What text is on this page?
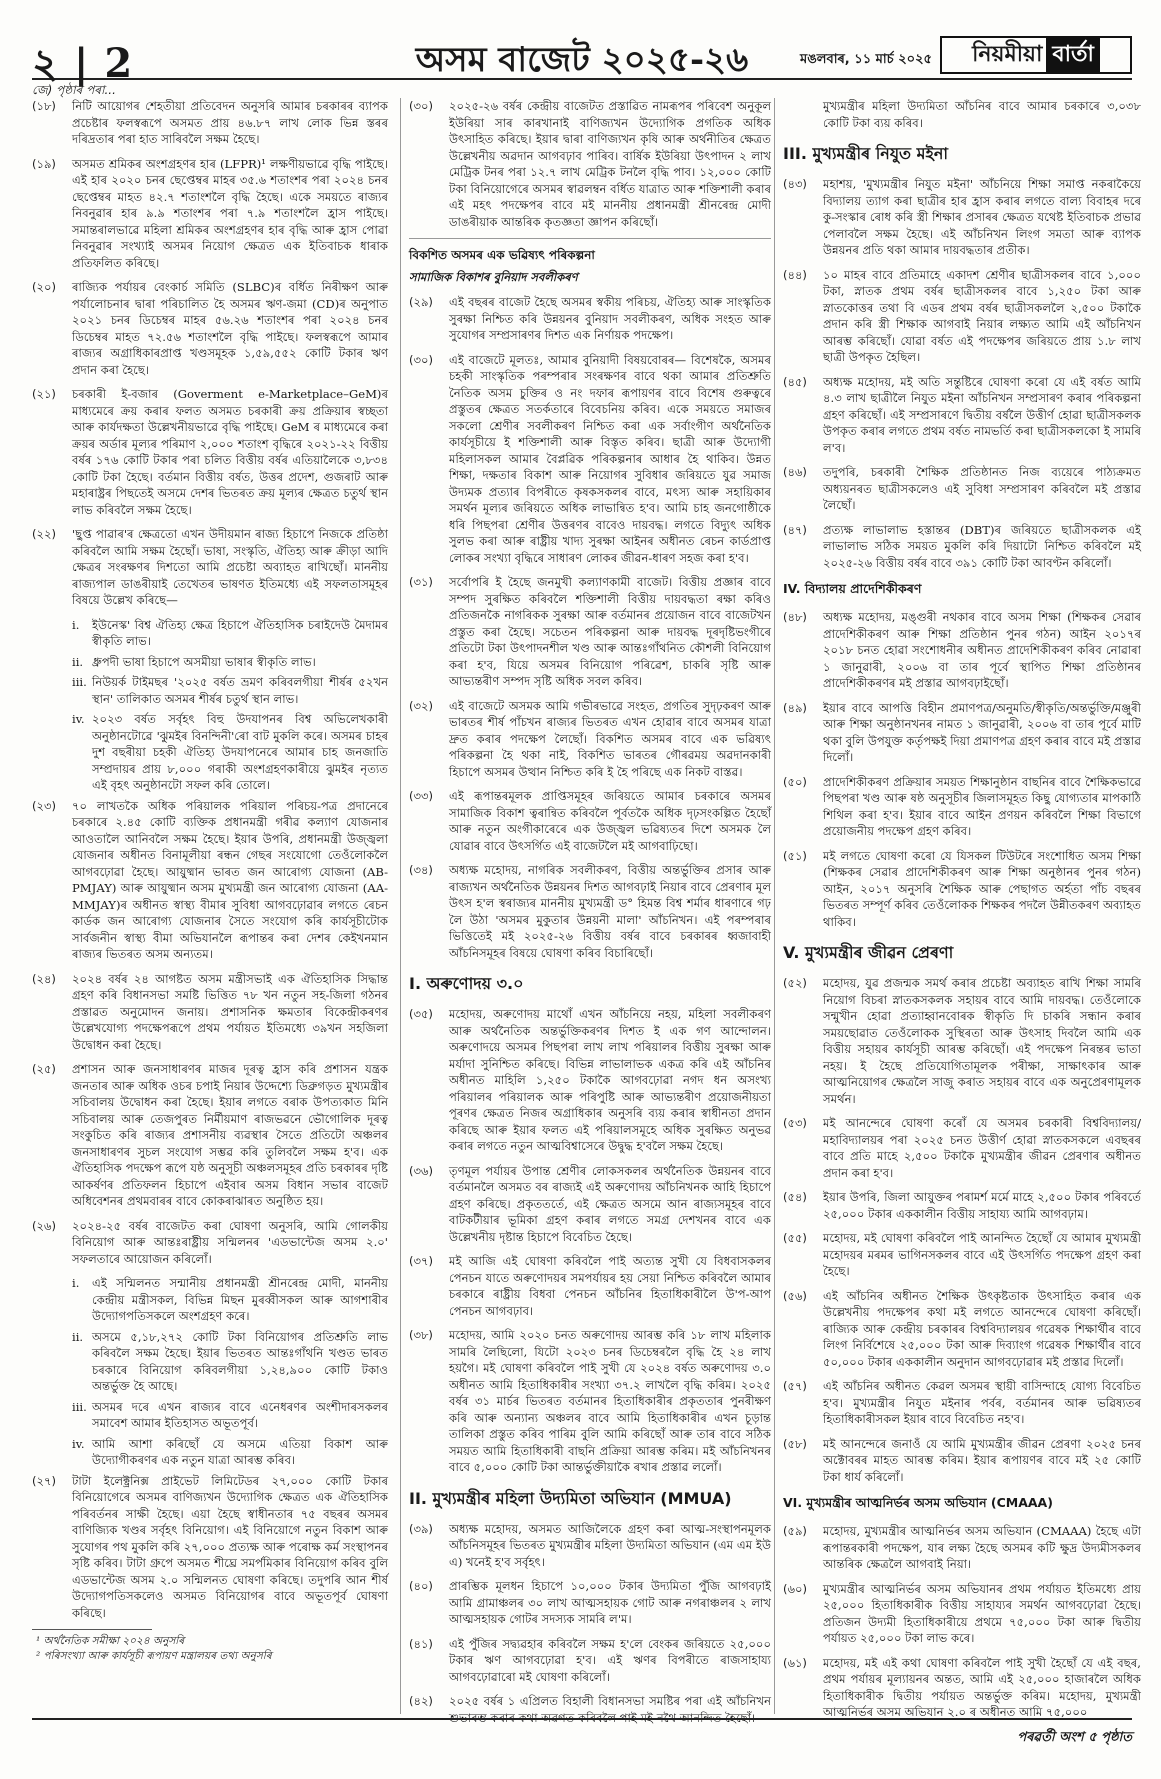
২ | 2	অসম বাজেট ২০২৫-২৬	মঙলবাৰ, ১১ মাৰ্চ ২০২৫ নিয়মীয়া বাৰ্তা
জে) পৃষ্ঠাৰ পৰা...
(১৮)	নিটি আয়োগৰ শেহতীয়া প্ৰতিবেদন অনুসৰি আমাৰ চৰকাৰৰ ব্যাপক প্ৰচেষ্টাৰ ফলস্বৰূপে অসমত প্ৰায় ৪৬.৮৭ লাখ লোক ভিন্ন স্তৰৰ দৰিদ্ৰতাৰ পৰা হাত সাৰিবলৈ সক্ষম হৈছে।
(১৯)	অসমত শ্ৰমিকৰ অংশগ্ৰহণৰ হাৰ (LFPR)¹ লক্ষণীয়ভাৱে বৃদ্ধি পাইছে। এই হাৰ ২০২০ চনৰ ছেপ্তেম্বৰ মাহৰ ৩৫.৬ শতাংশৰ পৰা ২০২৪ চনৰ ছেপ্তেম্বৰ মাহত ৪২.৭ শতাংশলৈ বৃদ্ধি হৈছে। একে সময়তে ৰাজ্যৰ নিবনুৱাৰ হাৰ ৯.৯ শতাংশৰ পৰা ৭.৯ শতাংশলৈ হ্ৰাস পাইছে। সমান্তৰালভাৱে মহিলা শ্ৰমিকৰ অংশগ্ৰহণৰ হাৰ বৃদ্ধি আৰু হ্ৰাস পোৱা নিবনুৱাৰ সংখ্যাই অসমৰ নিয়োগ ক্ষেত্ৰত এক ইতিবাচক ধাৰাক প্ৰতিফলিত কৰিছে।
(২০)	ৰাজ্যিক পৰ্যায়ৰ বেংকাৰ্চ সমিতি (SLBC)ৰ বৰ্ধিত নিৰীক্ষণ আৰু পৰ্যালোচনাৰ দ্বাৰা পৰিচালিত হৈ অসমৰ ঋণ-জমা (CD)ৰ অনুপাত ২০২১ চনৰ ডিচেম্বৰ মাহৰ ৫৬.২৬ শতাংশৰ পৰা ২০২৪ চনৰ ডিচেম্বৰ মাহত ৭২.৫৬ শতাংশলৈ বৃদ্ধি পাইছে। ফলস্বৰূপে আমাৰ ৰাজ্যৰ অগ্ৰাধিকাৰপ্ৰাপ্ত খণ্ডসমূহক ১,৫৯,৫৫২ কোটি টকাৰ ঋণ প্ৰদান কৰা হৈছে।
(২১)	চৰকাৰী ই-বজাৰ (Goverment e-Marketplace–GeM)ৰ মাধ্যমেৰে ক্ৰয় কৰাৰ ফলত অসমত চৰকাৰী ক্ৰয় প্ৰক্ৰিয়াৰ স্বচ্ছতা আৰু কাৰ্যদক্ষতা উল্লেখনীয়ভাৱে বৃদ্ধি পাইছে। GeM ৰ মাধ্যমেৰে কৰা ক্ৰয়ৰ অৰ্ডাৰ মূল্যৰ পৰিমাণ ২,০০০ শতাংশ বৃদ্ধিৰে ২০২১-২২ বিত্তীয় বৰ্ষৰ ১৭৬ কোটি টকাৰ পৰা চলিত বিত্তীয় বৰ্ষৰ এতিয়ালৈকে ৩,৮৩৪ কোটি টকা হৈছে। বৰ্তমান বিত্তীয় বৰ্ষত, উত্তৰ প্ৰদেশ, গুজৰাট আৰু মহাৰাষ্ট্ৰৰ পিছতেই অসমে দেশৰ ভিতৰত ক্ৰয় মূল্যৰ ক্ষেত্ৰত চতুৰ্থ স্থান লাভ কৰিবলৈ সক্ষম হৈছে।
(২২)	'ছুপ্ত পাৱাৰ'ৰ ক্ষেত্ৰতো এখন উদীয়মান ৰাজ্য হিচাপে নিজকে প্ৰতিষ্ঠা কৰিবলৈ আমি সক্ষম হৈছোঁ। ভাষা, সংস্কৃতি, ঐতিহ্য আৰু ক্ৰীড়া আদি ক্ষেত্ৰৰ সংৰক্ষণৰ দিশতো আমি প্ৰচেষ্টা অব্যাহত ৰাখিছোঁ। মাননীয় ৰাজ্যপাল ডাঙৰীয়াই তেখেতৰ ভাষণত ইতিমধ্যে এই সফলতাসমূহৰ বিষয়ে উল্লেখ কৰিছে—
i.	ইউনেস্ক' বিশ্ব ঐতিহ্য ক্ষেত্ৰ হিচাপে ঐতিহাসিক চৰাইদেউ মৈদামৰ স্বীকৃতি লাভ।
ii. ধ্ৰুপদী ভাষা হিচাপে অসমীয়া ভাষাৰ স্বীকৃতি লাভ।
iii. নিউয়ৰ্ক টাইমছৰ '২০২৫ বৰ্ষত ভ্ৰমণ কৰিবলগীয়া শীৰ্ষৰ ৫২খন স্থান' তালিকাত অসমৰ শীৰ্ষৰ চতুৰ্থ স্থান লাভ।
iv. ২০২৩ বৰ্ষত সৰ্বৃহৎ বিহু উদযাপনৰ বিশ্ব অভিলেখকাৰী অনুষ্ঠানটোৱে 'ঝুমইৰ বিনন্দিনী'ৰো বাট মুকলি কৰে। অসমৰ চাহৰ দুশ বছৰীয়া চহকী ঐতিহ্য উদযাপনেৰে আমাৰ চাহ জনজাতি সম্প্ৰদায়ৰ প্ৰায় ৮,০০০ গৰাকী অংশগ্ৰহণকাৰীয়ে ঝুমইৰ নৃত্যত এই বৃহৎ অনুষ্ঠানটো সফল কৰি তোলে।
(২৩)	৭০ লাখতকৈ অধিক পৰিয়ালক পৰিয়াল পৰিচয়-পত্ৰ প্ৰদানেৰে চৰকাৰে ২.৪৫ কোটি ব্যক্তিক প্ৰধানমন্ত্ৰী গৰীৱ কল্যাণ যোজনাৰ আওতালৈ আনিবলৈ সক্ষম হৈছে। ইয়াৰ উপৰি, প্ৰধানমন্ত্ৰী উজ্জ্বলা যোজনাৰ অধীনত বিনামূলীয়া ৰন্ধন গেছৰ সংযোগো তেওঁলোকলৈ আগবঢ়োৱা হৈছে। আয়ুষ্মান ভাৰত জন আৰোগ্য যোজনা (AB-PMJAY) আৰু আয়ুষ্মান অসম মুখ্যমন্ত্ৰী জন আৰোগ্য যোজনা (AA-MMJAY)ৰ অধীনত স্বাস্থ্য বীমাৰ সুবিধা আগবঢ়োৱাৰ লগতে ৰেচন কাৰ্ডক জন আৰোগ্য যোজনাৰ সৈতে সংযোগ কৰি কাৰ্যসূচীটোক সাৰ্বজনীন স্বাস্থ্য বীমা অভিযানলৈ ৰূপান্তৰ কৰা দেশৰ কেইখনমান ৰাজ্যৰ ভিতৰত অসম অন্যতম।
(২৪)	২০২৪ বৰ্ষৰ ২৪ আগষ্টত অসম মন্ত্ৰীসভাই এক ঐতিহাসিক সিদ্ধান্ত গ্ৰহণ কৰি বিধানসভা সমষ্টি ভিত্তিত ৭৮ খন নতুন সহ-জিলা গঠনৰ প্ৰস্তাৱত অনুমোদন জনায়। প্ৰশাসনিক ক্ষমতাৰ বিকেন্দ্ৰীকৰণৰ উল্লেখযোগ্য পদক্ষেপৰূপে প্ৰথম পৰ্যায়ত ইতিমধ্যে ৩৯খন সহজিলা উদ্বোধন কৰা হৈছে।
(২৫)	প্ৰশাসন আৰু জনসাধাৰণৰ মাজৰ দূৰত্ব হ্ৰাস কৰি প্ৰশাসন যন্ত্ৰক জনতাৰ আৰু অধিক ওচৰ চপাই নিয়াৰ উদ্দেশ্যে ডিব্ৰুগড়ত মুখ্যমন্ত্ৰীৰ সচিবালয় উদ্বোধন কৰা হৈছে। ইয়াৰ লগতে বৰাক উপত্যকাত মিনি সচিবালয় আৰু তেজপুৰত নিৰ্মীয়মাণ ৰাজভৱনে ভৌগোলিক দূৰত্ব সংকুচিত কৰি ৰাজ্যৰ প্ৰশাসনীয় ব্যৱস্থাৰ সৈতে প্ৰতিটো অঞ্চলৰ জনসাধাৰণৰ সুচল সংযোগ সম্ভৱ কৰি তুলিবলৈ সক্ষম হ'ব। এক ঐতিহাসিক পদক্ষেপ ৰূপে যষ্ঠ অনুসূচী অঞ্চলসমূহৰ প্ৰতি চৰকাৰৰ দৃষ্টি আকৰ্ষণৰ প্ৰতিফলন হিচাপে এইবাৰ অসম বিধান সভাৰ বাজেট অধিবেশনৰ প্ৰথমবাৰৰ বাবে কোকৰাঝাৰত অনুষ্ঠিত হয়।
(২৬)	২০২৪-২৫ বৰ্ষৰ বাজেটত কৰা ঘোষণা অনুসৰি, আমি গোলকীয় বিনিয়োগ আৰু আন্তঃৰাষ্ট্ৰীয় সন্মিলনৰ 'এডভান্টেজ অসম ২.০' সফলতাৰে আয়োজন কৰিলোঁ।
i.	এই সন্মিলনত সন্মানীয় প্ৰধানমন্ত্ৰী শ্ৰীনৰেন্দ্ৰ মোদী, মাননীয় কেন্দ্ৰীয় মন্ত্ৰীসকল, বিভিন্ন মিছন মুৰব্বীসকল আৰু আগশাৰীৰ উদ্যোগপতিসকলে অংশগ্ৰহণ কৰে।
ii. অসমে ৫,১৮,২৭২ কোটি টকা বিনিয়োগৰ প্ৰতিশ্ৰুতি লাভ কৰিবলৈ সক্ষম হৈছে। ইয়াৰ ভিতৰত আন্তঃগাঁথনি খণ্ডত ভাৰত চৰকাৰে বিনিয়োগ কৰিবলগীয়া ১,২৪,৯০০ কোটি টকাও অন্তৰ্ভুক্ত হৈ আছে।
iii. অসমৰ দৰে এখন ৰাজ্যৰ বাবে এনেধৰণৰ অংশীদাৰসকলৰ সমাবেশ আমাৰ ইতিহাসত অভূতপূৰ্ব।
iv. আমি আশা কৰিছোঁ যে অসমে এতিয়া বিকাশ আৰু উদ্যোগীকৰণৰ এক নতুন যাত্ৰা আৰম্ভ কৰিব।
(২৭)	টাটা ইলেক্ট্ৰনিক্স প্ৰাইভেট লিমিটেডৰ ২৭,০০০ কোটি টকাৰ বিনিয়োগেৰে অসমৰ বাণিজ্যখন উদ্যোগিক ক্ষেত্ৰত এক ঐতিহাসিক পৰিবৰ্তনৰ সাক্ষী হৈছে। এয়া হৈছে স্বাধীনতাৰ ৭৫ বছৰৰ অসমৰ বাণিজ্যিক খণ্ডৰ সৰ্বৃহৎ বিনিয়োগ। এই বিনিয়োগে নতুন বিকাশ আৰু সুযোগৰ পথ মুকলি কৰি ২৭,০০০ প্ৰত্যক্ষ আৰু পৰোক্ষ কৰ্ম সংস্থাপনৰ সৃষ্টি কৰিব। টাটা গ্ৰুপে অসমত শীঘ্ৰে সমৰ্পমিকাৰ বিনিয়োগ কৰিব বুলি এডভান্টেজ অসম ২.০ সন্মিলনত ঘোষণা কৰিছে। তদুপৰি আন শীৰ্ষ উদ্যোগপতিসকলেও অসমত বিনিয়োগৰ বাবে অভূতপূৰ্ব ঘোষণা কৰিছে।
¹ অৰ্থনৈতিক সমীক্ষা ২০২৪ অনুসৰি
² পৰিসংখ্যা আৰু কাৰ্যসূচী ৰূপায়ণ মন্ত্ৰালয়ৰ তথ্য অনুসৰি
(৩০)	২০২৫-২৬ বৰ্ষৰ কেন্দ্ৰীয় বাজেটত প্ৰস্তাৱিত নামৰূপৰ পৰিবেশ অনুকূল ইউৰিয়া সাৰ কাৰখানাই বাণিজ্যখন উদ্যোগিক প্ৰগতিক অধিক উৎসাহিত কৰিছে। ইয়াৰ দ্বাৰা বাণিজ্যখন কৃষি আৰু অৰ্থনীতিৰ ক্ষেত্ৰত উল্লেখনীয় অৱদান আগবঢ়াব পাৰিব। বাৰ্ষিক ইউৰিয়া উৎপাদন ২ লাখ মেট্ৰিক টনৰ পৰা ১২.৭ লাখ মেট্ৰিক টনলৈ বৃদ্ধি পাব। ১২,০০০ কোটি টকা বিনিয়োগেৰে অসমৰ স্বাৱলম্বন বৰ্ধিত যাত্ৰাত আৰু শক্তিশালী কৰাৰ এই মহৎ পদক্ষেপৰ বাবে মই মাননীয় প্ৰধানমন্ত্ৰী শ্ৰীনৰেন্দ্ৰ মোদী ডাঙৰীয়াক আন্তৰিক কৃতজ্ঞতা জ্ঞাপন কৰিছোঁ।
বিকশিত অসমৰ এক ভৱিষ্যৎ পৰিকল্পনা
সামাজিক বিকাশৰ বুনিয়াদ সবলীকৰণ
(২৯)	এই বছৰৰ বাজেট হৈছে অসমৰ স্বকীয় পৰিচয়, ঐতিহ্য আৰু সাংস্কৃতিক সুৰক্ষা নিশ্চিত কৰি উন্নয়নৰ বুনিয়াদ সবলীকৰণ, অধিক সংহত আৰু সুযোগৰ সম্প্ৰসাৰণৰ দিশত এক নিৰ্ণায়ক পদক্ষেপ।
(৩০)	এই বাজেটে মূলতঃ, আমাৰ বুনিয়াদী বিষয়বোৰৰ— বিশেষকৈ, অসমৰ চহকী সাংস্কৃতিক পৰম্পৰাৰ সংৰক্ষণৰ বাবে থকা আমাৰ প্ৰতিশ্ৰুতি নৈতিক অসম চুক্তিৰ ও নং দফাৰ ৰূপায়ণৰ বাবে বিশেষ গুৰুত্বৰে প্ৰস্তুতৰ ক্ষেত্ৰত সতৰ্কতাৰে বিবেচনিয় কৰিব। একে সময়তে সমাজৰ সকলো শ্ৰেণীৰ সবলীকৰণ নিশ্চিত কৰা এক সৰ্বাংগীণ অৰ্থনৈতিক কাৰ্যসূচীয়ে ই শক্তিশালী আৰু বিস্তৃত কৰিব। ছাত্ৰী আৰু উদ্যোগী মহিলাসকল আমাৰ বৈপ্লৱিক পৰিকল্পনাৰ আধাৰ হৈ থাকিব। উন্নত শিক্ষা, দক্ষতাৰ বিকাশ আৰু নিয়োগৰ সুবিধাৰ জৰিয়তে যুৱ সমাজ উদ্যমক প্ৰত্যাৰ বিপৰীতে কৃষকসকলৰ বাবে, মৎস্য আৰু সহায়িকাৰ সমৰ্থন মূল্যৰ জৰিয়তে অধিক লাভান্বিত হ'ব। আমি চাহ জনগোষ্ঠীকে ধৰি পিছপৰা শ্ৰেণীৰ উত্তৰণৰ বাবেও দায়বদ্ধ। লগতে বিদ্যুৎ অধিক সুলভ কৰা আৰু ৰাষ্ট্ৰীয় খাদ্য সুৰক্ষা আইনৰ অধীনত ৰেচন কাৰ্ডপ্ৰাপ্ত লোকৰ সংখ্যা বৃদ্ধিৰে সাধাৰণ লোকৰ জীৱন-ধাৰণ সহজ কৰা হ'ব।
(৩১)	সৰ্বোপৰি ই হৈছে জনমুখী কল্যাণকামী বাজেট। বিত্তীয় প্ৰজ্ঞাৰ বাবে সম্পদ সুৰক্ষিত কৰিবলৈ শক্তিশালী বিত্তীয় দায়বদ্ধতা ৰক্ষা কৰিও প্ৰতিজনকৈ নাগৰিকক সুৰক্ষা আৰু বৰ্তমানৰ প্ৰয়োজন বাবে বাজেটখন প্ৰস্তুত কৰা হৈছে। সচেতন পৰিকল্পনা আৰু দায়বদ্ধ দূৰদৃষ্টিভংগীৰে প্ৰতিটো টকা উৎপাদনশীল খণ্ড আৰু আন্তঃগাঁথনিত কৌশলী বিনিয়োগ কৰা হ'ব, যিয়ে অসমৰ বিনিয়োগ পৰিৱেশ, চাকৰি সৃষ্টি আৰু আভ্যন্তৰীণ সম্পদ সৃষ্টি অধিক সবল কৰিব।
(৩২)	এই বাজেটে অসমক আমি গভীৰভাৱে সংহত, প্ৰগতিৰ সুদৃঢ়কৰণ আৰু ভাৰতৰ শীৰ্ষ পাঁচখন ৰাজ্যৰ ভিতৰত এখন হোৱাৰ বাবে অসমৰ যাত্ৰা দ্ৰুত কৰাৰ পদক্ষেপ লৈছোঁ। বিকশিত অসমৰ বাবে এক ভৱিষ্যৎ পৰিকল্পনা হৈ থকা নাই, বিকশিত ভাৰতৰ গৌৰৱময় অৱদানকাৰী হিচাপে অসমৰ উত্থান নিশ্চিত কৰি ই হৈ পৰিছে এক নিকট বাস্তৱ।
(৩৩)	এই ৰূপান্তৰমূলক প্ৰাপ্তিসমূহৰ জৰিয়তে আমাৰ চৰকাৰে অসমৰ সামাজিক বিকাশ ত্বৰান্বিত কৰিবলৈ পূৰ্বতকৈ অধিক দৃঢ়সংকল্পিত হৈছোঁ আৰু নতুন অংগীকাৰেৰে এক উজ্জ্বল ভৱিষ্যতৰ দিশে অসমক লৈ যোৱাৰ বাবে উৎসৰ্গিত এই বাজেটলৈ মই আগবাঢ়িছো।
(৩৪)	অধ্যক্ষ মহোদয়, নাগৰিক সবলীকৰণ, বিত্তীয় অন্তৰ্ভুক্তিৰ প্ৰসাৰ আৰু ৰাজ্যখন অৰ্থনৈতিক উন্নয়নৰ দিশত আগবঢ়াই নিয়াৰ বাবে প্ৰেৰণাৰ মূল উৎস হ'ল স্বৰাজ্যৰ মাননীয় মুখ্যমন্ত্ৰী ড° হিমন্ত বিশ্ব শৰ্মাৰ ধাৰণাৰে গঢ় লৈ উঠা 'অসমৰ মুকুতাৰ উন্নয়নী মালা' আঁচনিখন। এই পৰম্পৰাৰ ভিত্তিতেই মই ২০২৫-২৬ বিত্তীয় বৰ্ষৰ বাবে চৰকাৰৰ ধ্বজাবাহী আঁচনিসমূহৰ বিষয়ে ঘোষণা কৰিব বিচাৰিছোঁ।
I. অৰুণোদয় ৩.০
(৩৫)	মহোদয়, অৰুণোদয় মাথোঁ এখন আঁচনিয়ে নহয়, মহিলা সবলীকৰণ আৰু অৰ্থনৈতিক অন্তৰ্ভুক্তিকৰণৰ দিশত ই এক গণ আন্দোলন। অৰুণোদয়ে অসমৰ পিছপৰা লাখ লাখ পৰিয়ালৰ বিত্তীয় সুৰক্ষা আৰু মৰ্যাদা সুনিশ্চিত কৰিছে। বিভিন্ন লাভালাভক একত্ৰ কৰি এই আঁচনিৰ অধীনত মাহিলি ১,২৫০ টকাকৈ আগবঢ়োৱা নগদ ধন অসংখ্য পৰিয়ালৰ পৰিয়ালক আৰু পৰিপুষ্টি আৰু আভ্যন্তৰীণ প্ৰয়োজনীয়তা পূৰণৰ ক্ষেত্ৰত নিজৰ অগ্ৰাধিকাৰ অনুসৰি ব্যয় কৰাৰ স্বাধীনতা প্ৰদান কৰিছে আৰু ইয়াৰ ফলত এই পৰিয়ালসমূহে অধিক সুৰক্ষিত অনুভৱ কৰাৰ লগতে নতুন আত্মবিশ্বাসেৰে উদ্বুদ্ধ হ'বলৈ সক্ষম হৈছে।
(৩৬)	তৃণমূল পৰ্যায়ৰ উপান্ত শ্ৰেণীৰ লোকসকলৰ অৰ্থনৈতিক উন্নয়নৰ বাবে বৰ্তমানলৈ অসমত বৰ ৰাজ্যই এই অৰুণোদয় আঁচনিখনক আহি হিচাপে গ্ৰহণ কৰিছে। প্ৰকৃততৰ্তে, এই ক্ষেত্ৰত অসমে আন ৰাজ্যসমূহৰ বাবে বাটকটীয়াৰ ভূমিকা গ্ৰহণ কৰাৰ লগতে সমগ্ৰ দেশখনৰ বাবে এক উল্লেখনীয় দৃষ্টান্ত হিচাপে বিবেচিত হৈছে।
(৩৭)	মই আজি এই ঘোষণা কৰিবলৈ পাই অত্যন্ত সুখী যে বিধবাসকলৰ পেনচন যাতে অৰুণোদয়ৰ সমপৰ্যায়ৰ হয় সেয়া নিশ্চিত কৰিবলৈ আমাৰ চৰকাৰে ৰাষ্ট্ৰীয় বিধবা পেনচন আঁচনিৰ হিতাধিকাৰীলৈ উ'প-আপ পেনচন আগবঢ়াব।
(৩৮)	মহোদয়, আমি ২০২০ চনত অৰুণোদয় আৰম্ভ কৰি ১৮ লাখ মহিলাক সামৰি লৈছিলো, যিটো ২০২৩ চনৰ ডিচেম্বৰলৈ বৃদ্ধি হৈ ২৪ লাখ হয়গৈ। মই ঘোষণা কৰিবলৈ পাই সুখী যে ২০২৪ বৰ্ষত অৰুণোদয় ৩.০ অধীনত আমি হিতাধিকাৰীৰ সংখ্যা ৩৭.২ লাখলৈ বৃদ্ধি কৰিম। ২০২৫ বৰ্ষৰ ৩১ মাৰ্চৰ ভিতৰত বৰ্তমানৰ হিতাধিকাৰীৰ প্ৰকৃততাৰ পুনৰীক্ষণ কৰি আৰু অন্যান্য অঞ্চলৰ বাবে আমি হিতাধিকাৰীৰ এখন চূড়ান্ত তালিকা প্ৰস্তুত কৰিব পাৰিম বুলি আমি কৰিছোঁ আৰু তাৰ বাবে সঠিক সময়ত আমি হিতাধিকাৰী বাছনি প্ৰক্ৰিয়া আৰম্ভ কৰিম। মই আঁচনিখনৰ বাবে ৫,০০০ কোটি টকা আন্তৰ্ভুক্তীয়াকৈ ৰখাৰ প্ৰস্তাৱ ললোঁ।
II. মুখ্যমন্ত্ৰীৰ মহিলা উদ্যমিতা অভিযান (MMUA)
(৩৯)	অধ্যক্ষ মহোদয়, অসমত আজিলৈকে গ্ৰহণ কৰা আত্ম-সংস্থাপনমূলক আঁচনিসমূহৰ ভিতৰত মুখ্যমন্ত্ৰীৰ মহিলা উদ্যমিতা অভিযান (এম এম ইউ এ) খনেই হ'ব সৰ্বৃহৎ।
(৪০)	প্ৰাৰম্ভিক মূলধন হিচাপে ১০,০০০ টকাৰ উদ্যমিতা পুঁজি আগবঢ়াই আমি গ্ৰামাঞ্চলৰ ৩০ লাখ আত্মসহায়ক গোট আৰু নগৰাঞ্চলৰ ২ লাখ আত্মসহায়ক গোটৰ সদস্যক সামৰি ল'ম।
(৪১)	এই পুঁজিৰ সদ্ব্যৱহাৰ কৰিবলৈ সক্ষম হ'লে বেংকৰ জৰিয়তে ২৫,০০০ টকাৰ ঋণ আগবঢ়োৱা হ'ব। এই ঋণৰ বিপৰীতে ৰাজসাহায্য আগবঢ়োৱাৰো মই ঘোষণা কৰিলোঁ।
(৪২)	২০২৫ বৰ্ষৰ ১ এপ্ৰিলত বিহালী বিধানসভা সমষ্টিৰ পৰা এই আঁচনিখন শুভাৰম্ভ কৰাৰ কথা অৱগত কৰিবলৈ পাই মই নথৈ আনন্দিত হৈছোঁ।
মুখ্যমন্ত্ৰীৰ মহিলা উদ্যমিতা আঁচনিৰ বাবে আমাৰ চৰকাৰে ৩,০৩৮ কোটি টকা ব্যয় কৰিব।
III. মুখ্যমন্ত্ৰীৰ নিযুত মইনা
(৪৩)	মহাশয়, 'মুখ্যমন্ত্ৰীৰ নিযুত মইনা' আঁচনিয়ে শিক্ষা সমাপ্ত নকৰাকৈয়ে বিদ্যালয় ত্যাগ কৰা ছাত্ৰীৰ হাৰ হ্ৰাস কৰাৰ লগতে বাল্য বিবাহৰ দৰে কু-সংস্কাৰ ৰোধ কৰি স্ত্ৰী শিক্ষাৰ প্ৰসাৰৰ ক্ষেত্ৰত যথেষ্ট ইতিবাচক প্ৰভাৱ পেলাবলৈ সক্ষম হৈছে। এই আঁচনিখন লিংগ সমতা আৰু ব্যাপক উন্নয়নৰ প্ৰতি থকা আমাৰ দায়বদ্ধতাৰ প্ৰতীক।
(৪৪)	১০ মাহৰ বাবে প্ৰতিমাহে একাদশ শ্ৰেণীৰ ছাত্ৰীসকলৰ বাবে ১,০০০ টকা, স্নাতক প্ৰথম বৰ্ষৰ ছাত্ৰীসকলৰ বাবে ১,২৫০ টকা আৰু স্নাতকোত্তৰ তথা বি এডৰ প্ৰথম বৰ্ষৰ ছাত্ৰীসকললৈ ২,৫০০ টকাকৈ প্ৰদান কৰি স্ত্ৰী শিক্ষাক আগবাই নিয়াৰ লক্ষ্যত আমি এই আঁচনিখন আৰম্ভ কৰিছোঁ। যোৱা বৰ্ষত এই পদক্ষেপৰ জৰিয়তে প্ৰায় ১.৮ লাখ ছাত্ৰী উপকৃত হৈছিল।
(৪৫)	অধ্যক্ষ মহোদয়, মই অতি সন্তুষ্টিৰে ঘোষণা কৰো যে এই বৰ্ষত আমি ৪.৩ লাখ ছাত্ৰীলৈ নিযুত মইনা আঁচনিখন সম্প্ৰসাৰণ কৰাৰ পৰিকল্পনা গ্ৰহণ কৰিছোঁ। এই সম্প্ৰসাৰণে দ্বিতীয় বৰ্ষলৈ উত্তীৰ্ণ হোৱা ছাত্ৰীসকলক উপকৃত কৰাৰ লগতে প্ৰথম বৰ্ষত নামভৰ্তি কৰা ছাত্ৰীসকলকো ই সামৰি ল'ব।
(৪৬)	তদুপৰি, চৰকাৰী শৈক্ষিক প্ৰতিষ্ঠানত নিজ ব্যয়েৰে পাঠ্যক্ৰমত অধ্যয়নৰত ছাত্ৰীসকলেও এই সুবিধা সম্প্ৰসাৰণ কৰিবলৈ মই প্ৰস্তাৱ লৈছোঁ।
(৪৭)	প্ৰত্যক্ষ লাভালাভ হস্তান্তৰ (DBT)ৰ জৰিয়তে ছাত্ৰীসকলক এই লাভালাভ সঠিক সময়ত মুকলি কৰি দিয়াটো নিশ্চিত কৰিবলৈ মই ২০২৫-২৬ বিত্তীয় বৰ্ষৰ বাবে ৩৯১ কোটি টকা আবণ্টন কৰিলোঁ।
IV. বিদ্যালয় প্ৰাদেশিকীকৰণ
(৪৮)	অধ্যক্ষ মহোদয়, মঙ্গুৰী নথকাৰ বাবে অসম শিক্ষা (শিক্ষকৰ সেৱাৰ প্ৰাদেশিকীকৰণ আৰু শিক্ষা প্ৰতিষ্ঠান পুনৰ গঠন) আইন ২০১৭ৰ ২০১৮ চনত হোৱা সংশোধনীৰ অধীনত প্ৰাদেশিকীকৰণ কৰিব নোৱাৰা ১ জানুৱাৰী, ২০০৬ বা তাৰ পূৰ্বে স্থাপিত শিক্ষা প্ৰতিষ্ঠানৰ প্ৰাদেশিকীকৰণৰ মই প্ৰস্তাৱ আগবঢ়াইছোঁ।
(৪৯)	ইয়াৰ বাবে আপত্তি বিহীন প্ৰমাণপত্ৰ/অনুমতি/স্বীকৃতি/অন্তৰ্ভুক্তি/মঞ্জুৰী আৰু শিক্ষা অনুষ্ঠানখনৰ নামত ১ জানুৱাৰী, ২০০৬ বা তাৰ পূৰ্বে মাটি থকা বুলি উপযুক্ত কৰ্তৃপক্ষই দিয়া প্ৰমাণপত্ৰ গ্ৰহণ কৰাৰ বাবে মই প্ৰস্তাৱ দিলোঁ।
(৫০)	প্ৰাদেশিকীকৰণ প্ৰক্ৰিয়াৰ সময়ত শিক্ষানুষ্ঠান বাছনিৰ বাবে শৈক্ষিকভাৱে পিছপৰা খণ্ড আৰু ষষ্ঠ অনুসূচীৰ জিলাসমূহত কিছু যোগ্যতাৰ মাপকাঠি শিথিল কৰা হ'ব। ইয়াৰ বাবে আইন প্ৰণয়ন কৰিবলৈ শিক্ষা বিভাগে প্ৰয়োজনীয় পদক্ষেপ গ্ৰহণ কৰিব।
(৫১)	মই লগতে ঘোষণা কৰো যে যিসকল টিউটৰে সংশোধিত অসম শিক্ষা (শিক্ষকৰ সেৱাৰ প্ৰাদেশিকীকৰণ আৰু শিক্ষা অনুষ্ঠানৰ পুনৰ গঠন) আইন, ২০১৭ অনুসৰি শৈক্ষিক আৰু পেছাগত অৰ্হতা পাঁচ বছৰৰ ভিতৰত সম্পূৰ্ণ কৰিব তেওঁলোকক শিক্ষকৰ পদলৈ উন্নীতকৰণ অব্যাহত থাকিব।
V. মুখ্যমন্ত্ৰীৰ জীৱন প্ৰেৰণা
(৫২)	মহোদয়, যুৱ প্ৰজন্মক সমৰ্থ কৰাৰ প্ৰচেষ্টা অব্যাহত ৰাখি শিক্ষা সামৰি নিয়োগ বিচৰা স্নাতকসকলক সহায়ৰ বাবে আমি দায়বদ্ধ। তেওঁলোকে সন্মুখীন হোৱা প্ৰত্যাহ্বানবোৰক স্বীকৃতি দি চাকৰি সন্ধান কৰাৰ সময়ছোৱাত তেওঁলোকক সুস্থিৰতা আৰু উৎসাহ দিবলৈ আমি এক বিত্তীয় সহায়ৰ কাৰ্যসূচী আৰম্ভ কৰিছোঁ। এই পদক্ষেপ নিৰন্তৰ ভাতা নহয়। ই হৈছে প্ৰতিযোগিতামূলক পৰীক্ষা, সাক্ষাৎকাৰ আৰু আত্মনিয়োগৰ ক্ষেত্ৰলৈ সাজু কৰাত সহায়ৰ বাবে এক অনুপ্ৰেৰণামূলক সমৰ্থন।
(৫৩)	মই আনন্দেৰে ঘোষণা কৰোঁ যে অসমৰ চৰকাৰী বিশ্ববিদ্যালয়/মহাবিদ্যালয়ৰ পৰা ২০২৫ চনত উত্তীৰ্ণ হোৱা স্নাতকসকলে এবছৰৰ বাবে প্ৰতি মাহে ২,৫০০ টকাকৈ মুখ্যমন্ত্ৰীৰ জীৱন প্ৰেৰণাৰ অধীনত প্ৰদান কৰা হ'ব।
(৫৪)	ইয়াৰ উপৰি, জিলা আয়ুক্তৰ পৰামৰ্শ মৰ্মে মাহে ২,৫০০ টকাৰ পৰিবৰ্তে ২৫,০০০ টকাৰ এককালীন বিত্তীয় সাহায্য আমি আগবঢ়াম।
(৫৫)	মহোদয়, মই ঘোষণা কৰিবলৈ পাই আনন্দিত হৈছোঁ যে আমাৰ মুখ্যমন্ত্ৰী মহোদয়ৰ মৰমৰ ভাগিনসকলৰ বাবে এই উৎসৰ্গিত পদক্ষেপ গ্ৰহণ কৰা হৈছে।
(৫৬)	এই আঁচনিৰ অধীনত শৈক্ষিক উৎকৃষ্টতাক উৎসাহিত কৰাৰ এক উল্লেখনীয় পদক্ষেপৰ কথা মই লগতে আনন্দেৰে ঘোষণা কৰিছোঁ। ৰাজ্যিক আৰু কেন্দ্ৰীয় চৰকাৰৰ বিশ্ববিদ্যালয়ৰ গৱেষক শিক্ষাৰ্থীৰ বাবে লিংগ নিৰ্বিশেষে ২৫,০০০ টকা আৰু দিব্যাংগ গৱেষক শিক্ষাৰ্থীৰ বাবে ৫০,০০০ টকাৰ এককালীন অনুদান আগবঢ়োৱাৰ মই প্ৰস্তাৱ দিলোঁ।
(৫৭)	এই আঁচনিৰ অধীনত কেৱল অসমৰ স্থায়ী বাসিন্দাহে যোগ্য বিবেচিত হ'ব। মুখ্যমন্ত্ৰীৰ নিযুত মইনাৰ পৰ্বৰ, বৰ্তমানৰ আৰু ভৱিষ্যতৰ হিতাধিকাৰীসকল ইয়াৰ বাবে বিবেচিত নহ'ব।
(৫৮)	মই আনন্দেৰে জনাওঁ যে আমি মুখ্যমন্ত্ৰীৰ জীৱন প্ৰেৰণা ২০২৫ চনৰ অক্টোবৰৰ মাহত আৰম্ভ কৰিম। ইয়াৰ ৰূপায়ণৰ বাবে মই ২৫ কোটি টকা ধাৰ্য কৰিলোঁ।
VI. মুখ্যমন্ত্ৰীৰ আত্মনিৰ্ভৰ অসম অভিযান (CMAAA)
(৫৯)	মহোদয়, মুখ্যমন্ত্ৰীৰ আত্মনিৰ্ভৰ অসম অভিযান (CMAAA) হৈছে এটা ৰূপান্তৰকাৰী পদক্ষেপ, যাৰ লক্ষ্য হৈছে অসমৰ কটি ক্ষুদ্ৰ উদ্যমীসকলৰ আন্তৰিক ক্ষেত্ৰলৈ আগবাই নিয়া।
(৬০)	মুখ্যমন্ত্ৰীৰ আত্মনিৰ্ভৰ অসম অভিযানৰ প্ৰথম পৰ্যায়ত ইতিমধ্যে প্ৰায় ২৫,০০০ হিতাধিকাৰীক বিত্তীয় সাহায্যৰ সমৰ্থন আগবঢ়োৱা হৈছে। প্ৰতিজন উদ্যমী হিতাধিকাৰীয়ে প্ৰথমে ৭৫,০০০ টকা আৰু দ্বিতীয় পৰ্যায়ত ২৫,০০০ টকা লাভ কৰে।
(৬১)	মহোদয়, মই এই কথা ঘোষণা কৰিবলৈ পাই সুখী হৈছোঁ যে এই বছৰ, প্ৰথম পৰ্যায়ৰ মূল্যায়নৰ অন্তত, আমি এই ২৫,০০০ হাজাৰলৈ অধিক হিতাধিকাৰীক দ্বিতীয় পৰ্যায়ত অন্তৰ্ভুক্ত কৰিম। মহোদয়, মুখ্যমন্ত্ৰী আত্মনিৰ্ভৰ অসম অভিযান ২.০ ৰ অধীনত আমি ৭৫,০০০
পৰৱৰ্তী অংশ ৫ পৃষ্ঠাত
